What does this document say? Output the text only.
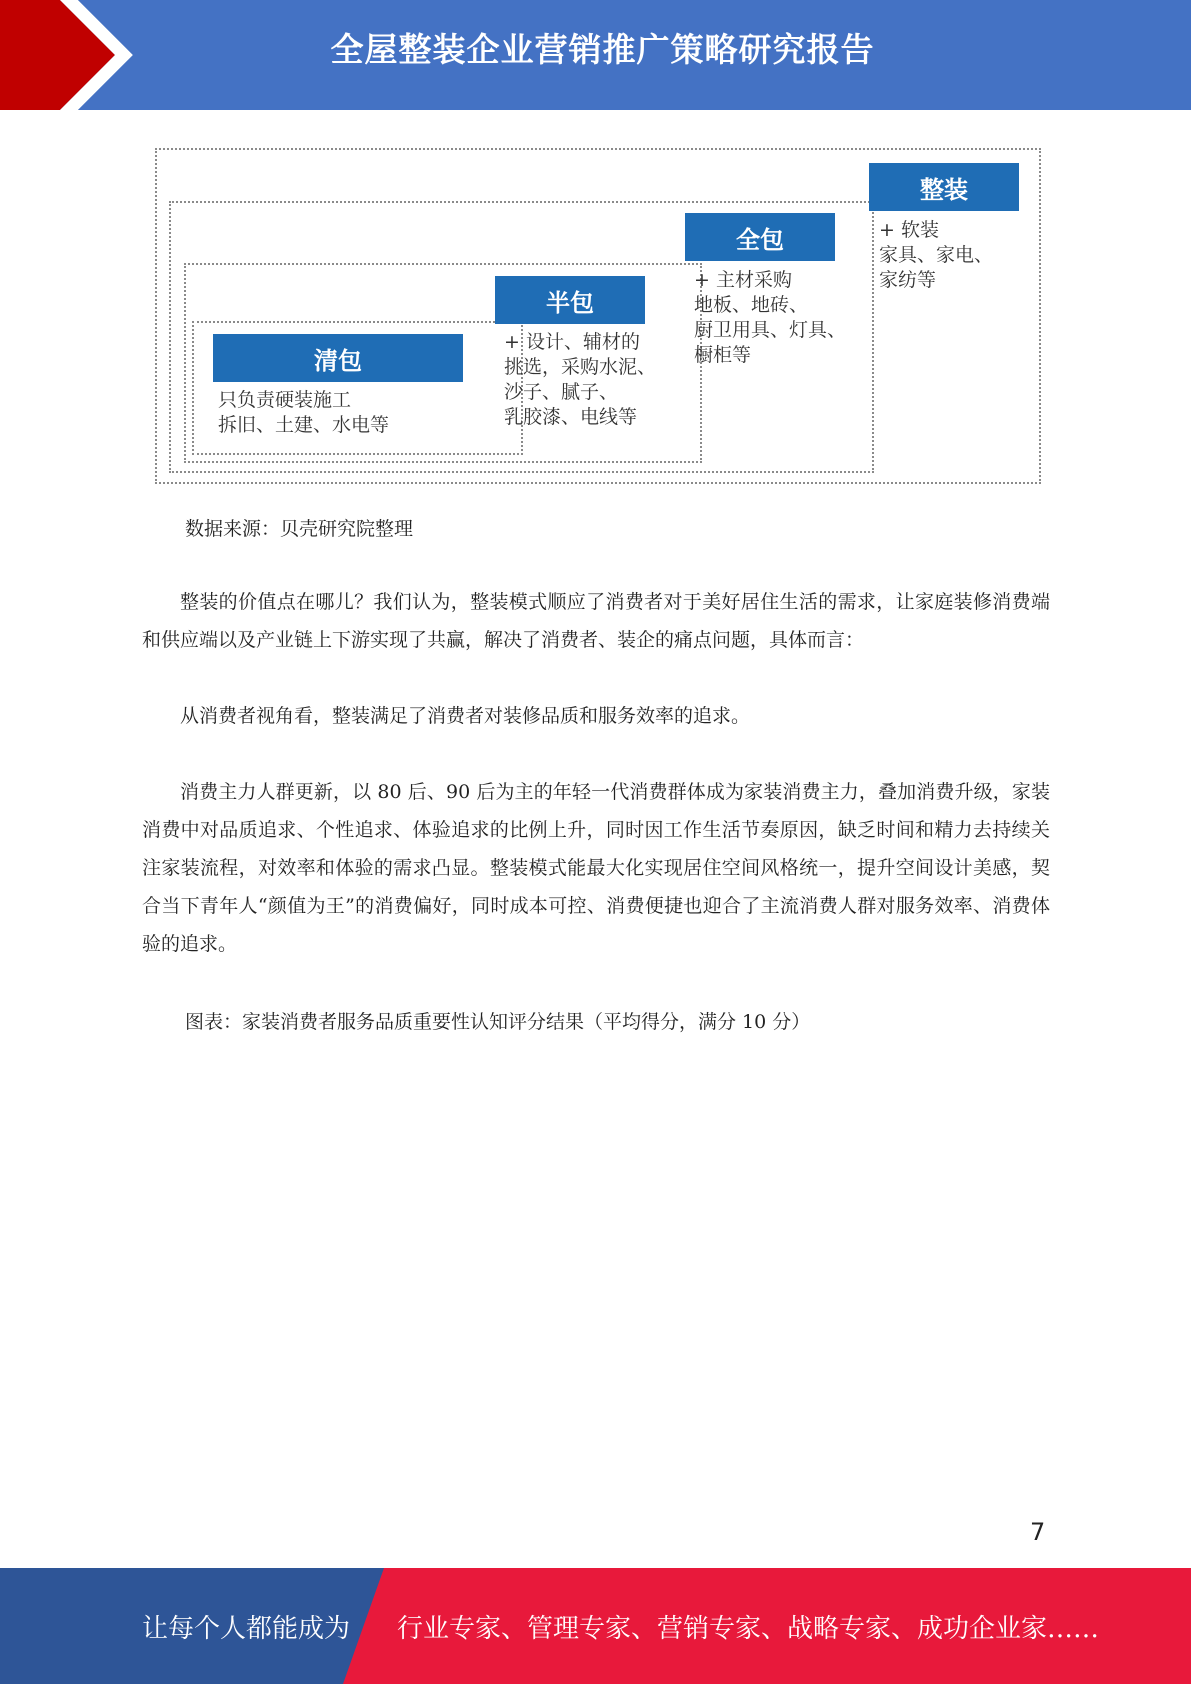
全屋整装企业营销推广策略研究报告
清包
只负责硬装施工
拆旧、土建、水电等
半包
+ 设计、辅材的
挑选，采购水泥、
沙子、腻子、
乳胶漆、电线等
全包
+ 主材采购
地板、地砖、
厨卫用具、灯具、
橱柜等
整装
+ 软装
家具、家电、
家纺等
数据来源：贝壳研究院整理
整装的价值点在哪儿？我们认为，整装模式顺应了消费者对于美好居住生活的需求，让家庭装修消费端和供应端以及产业链上下游实现了共赢，解决了消费者、装企的痛点问题，具体而言：
从消费者视角看，整装满足了消费者对装修品质和服务效率的追求。
消费主力人群更新，以 80 后、90 后为主的年轻一代消费群体成为家装消费主力，叠加消费升级，家装消费中对品质追求、个性追求、体验追求的比例上升，同时因工作生活节奏原因，缺乏时间和精力去持续关注家装流程，对效率和体验的需求凸显。整装模式能最大化实现居住空间风格统一，提升空间设计美感，契合当下青年人“颜值为王”的消费偏好，同时成本可控、消费便捷也迎合了主流消费人群对服务效率、消费体验的追求。
图表：家装消费者服务品质重要性认知评分结果（平均得分，满分 10 分）
7
让每个人都能成为 行业专家、管理专家、营销专家、战略专家、成功企业家……
